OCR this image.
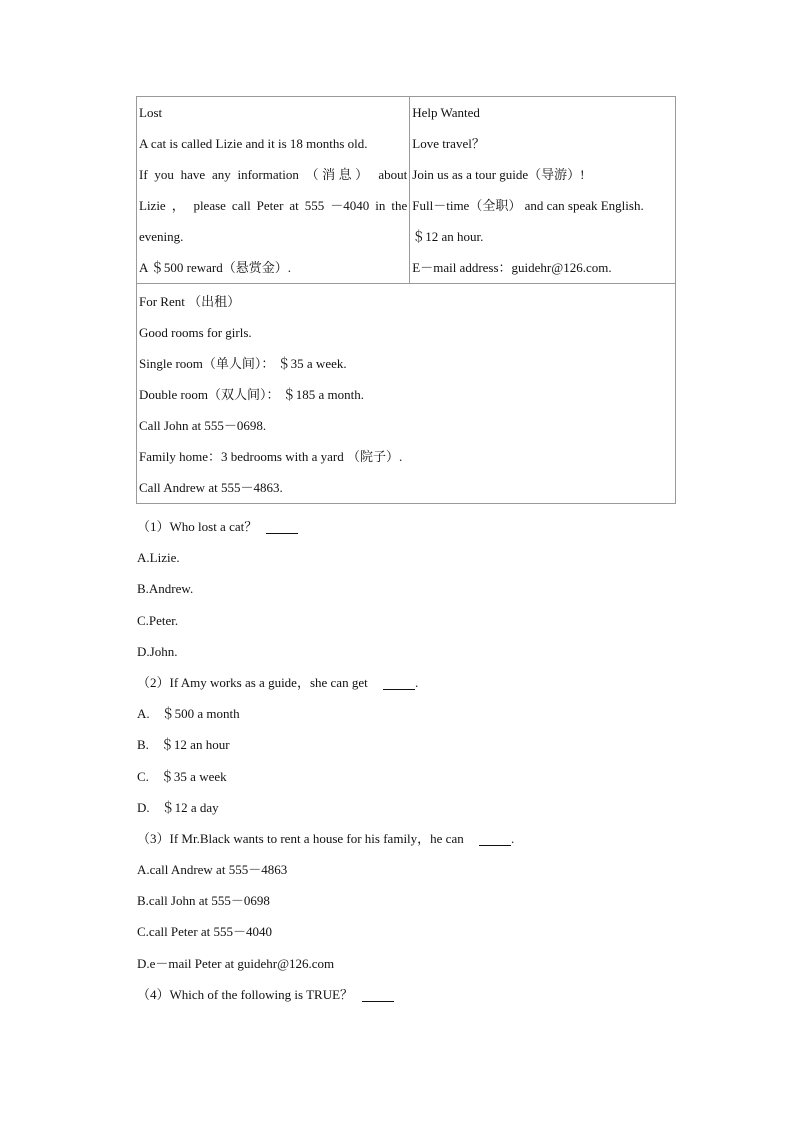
Lost
A cat is called Lizie and it is 18 months old.
If you have any information （消息） about
Lizie ， please call Peter at 555 －4040 in the
evening.
A ＄500 reward（悬赏金）.

Help Wanted
Love travel？
Join us as a tour guide（导游）!
Full－time（全职） and can speak English.
＄12 an hour.
E－mail address：guidehr@126.com.

For Rent （出租）
Good rooms for girls.
Single room（单人间）： ＄35 a week.
Double room（双人间）： ＄185 a month.
Call John at 555－0698.
Family home：3 bedrooms with a yard （院子）.
Call Andrew at 555－4863.
（1）Who lost a cat？
A.Lizie.
B.Andrew.
C.Peter.
D.John.
（2）If Amy works as a guide，she can get	.
A. ＄500 a month
B. ＄12 an hour
C. ＄35 a week
D. ＄12 a day
（3）If Mr.Black wants to rent a house for his family，he can	.
A.call Andrew at 555－4863
B.call John at 555－0698
C.call Peter at 555－4040
D.e－mail Peter at guidehr@126.com
（4）Which of the following is TRUE？
